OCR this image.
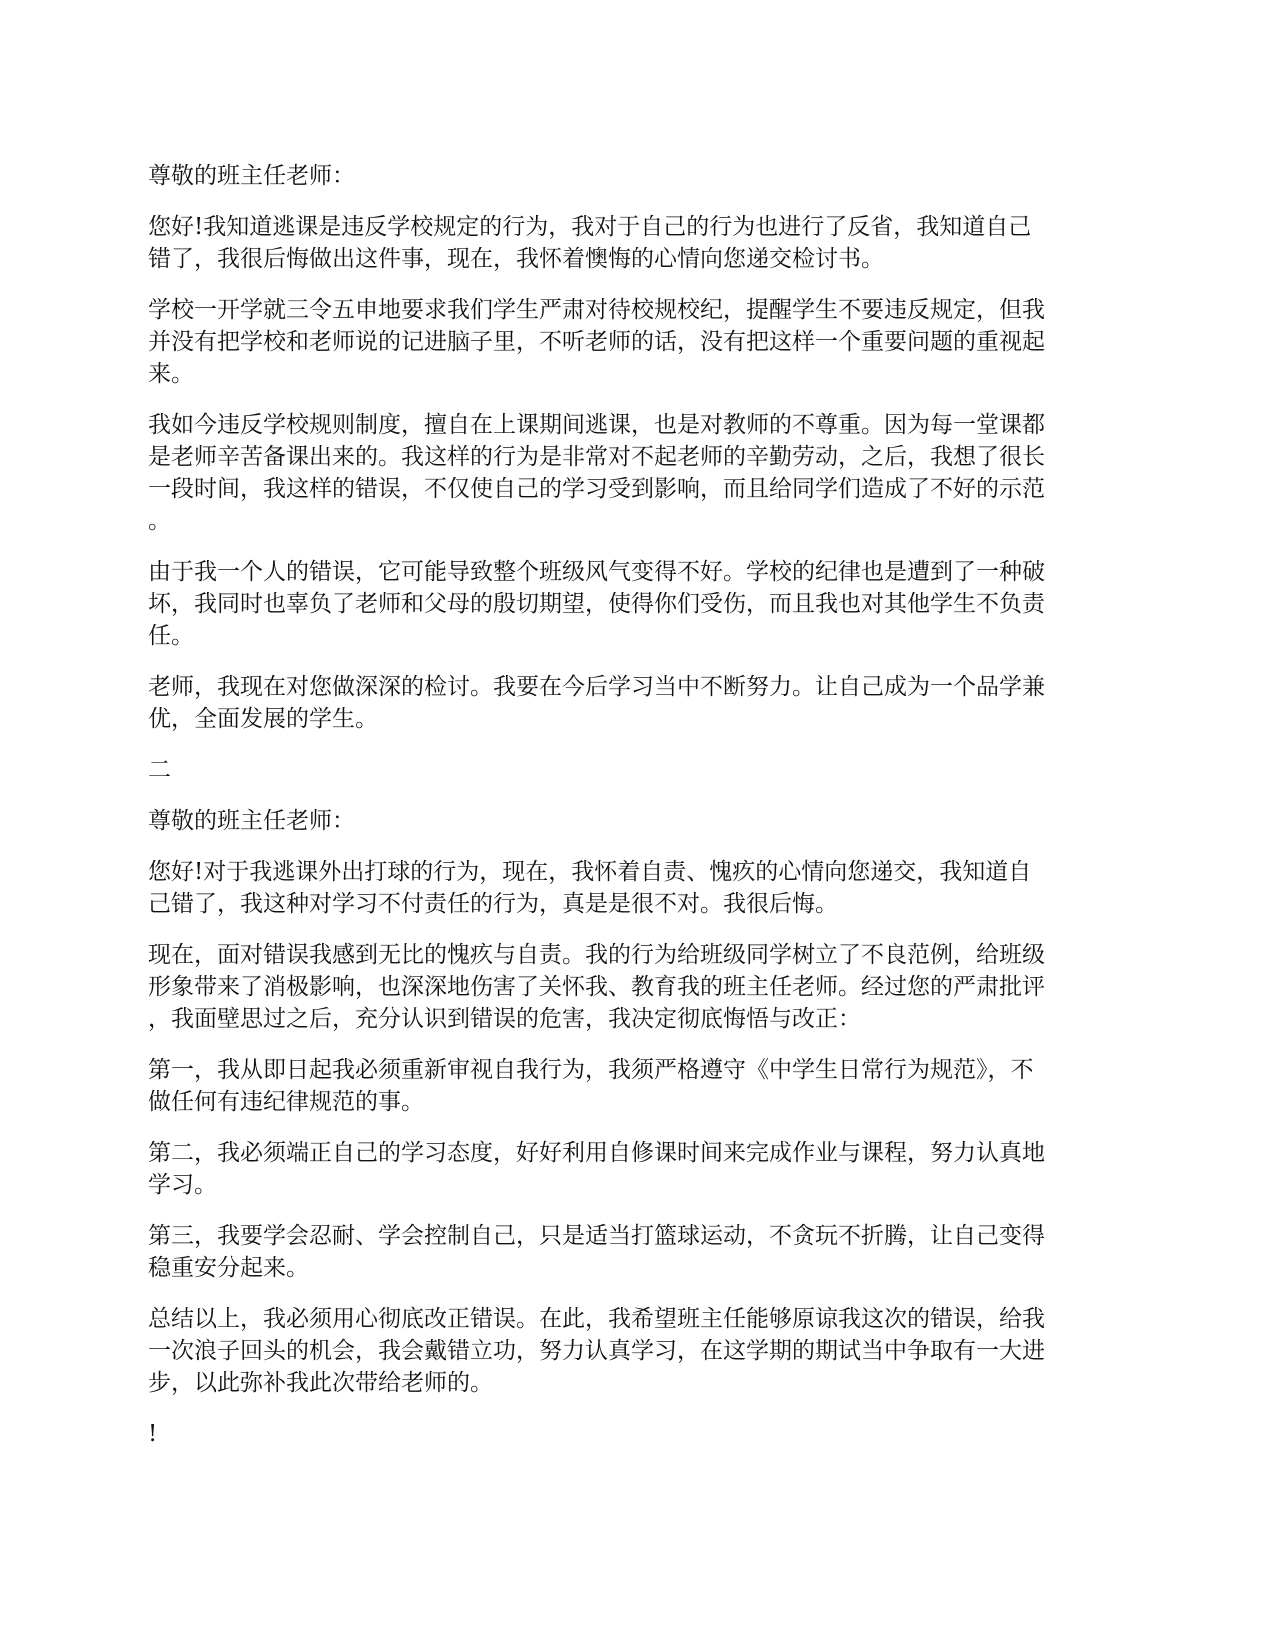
尊敬的班主任老师：

您好!我知道逃课是违反学校规定的行为，我对于自己的行为也进行了反省，我知道自己
错了，我很后悔做出这件事，现在，我怀着懊悔的心情向您递交检讨书。

学校一开学就三令五申地要求我们学生严肃对待校规校纪，提醒学生不要违反规定，但我
并没有把学校和老师说的记进脑子里，不听老师的话，没有把这样一个重要问题的重视起
来。

我如今违反学校规则制度，擅自在上课期间逃课，也是对教师的不尊重。因为每一堂课都
是老师辛苦备课出来的。我这样的行为是非常对不起老师的辛勤劳动，之后，我想了很长
一段时间，我这样的错误，不仅使自己的学习受到影响，而且给同学们造成了不好的示范
。

由于我一个人的错误，它可能导致整个班级风气变得不好。学校的纪律也是遭到了一种破
坏，我同时也辜负了老师和父母的殷切期望，使得你们受伤，而且我也对其他学生不负责
任。

老师，我现在对您做深深的检讨。我要在今后学习当中不断努力。让自己成为一个品学兼
优，全面发展的学生。

二

尊敬的班主任老师：

您好!对于我逃课外出打球的行为，现在，我怀着自责、愧疚的心情向您递交，我知道自
己错了，我这种对学习不付责任的行为，真是是很不对。我很后悔。

现在，面对错误我感到无比的愧疚与自责。我的行为给班级同学树立了不良范例，给班级
形象带来了消极影响，也深深地伤害了关怀我、教育我的班主任老师。经过您的严肃批评
，我面壁思过之后，充分认识到错误的危害，我决定彻底悔悟与改正：

第一，我从即日起我必须重新审视自我行为，我须严格遵守《中学生日常行为规范》，不
做任何有违纪律规范的事。

第二，我必须端正自己的学习态度，好好利用自修课时间来完成作业与课程，努力认真地
学习。

第三，我要学会忍耐、学会控制自己，只是适当打篮球运动，不贪玩不折腾，让自己变得
稳重安分起来。

总结以上，我必须用心彻底改正错误。在此，我希望班主任能够原谅我这次的错误，给我
一次浪子回头的机会，我会戴错立功，努力认真学习，在这学期的期试当中争取有一大进
步，以此弥补我此次带给老师的。

!
